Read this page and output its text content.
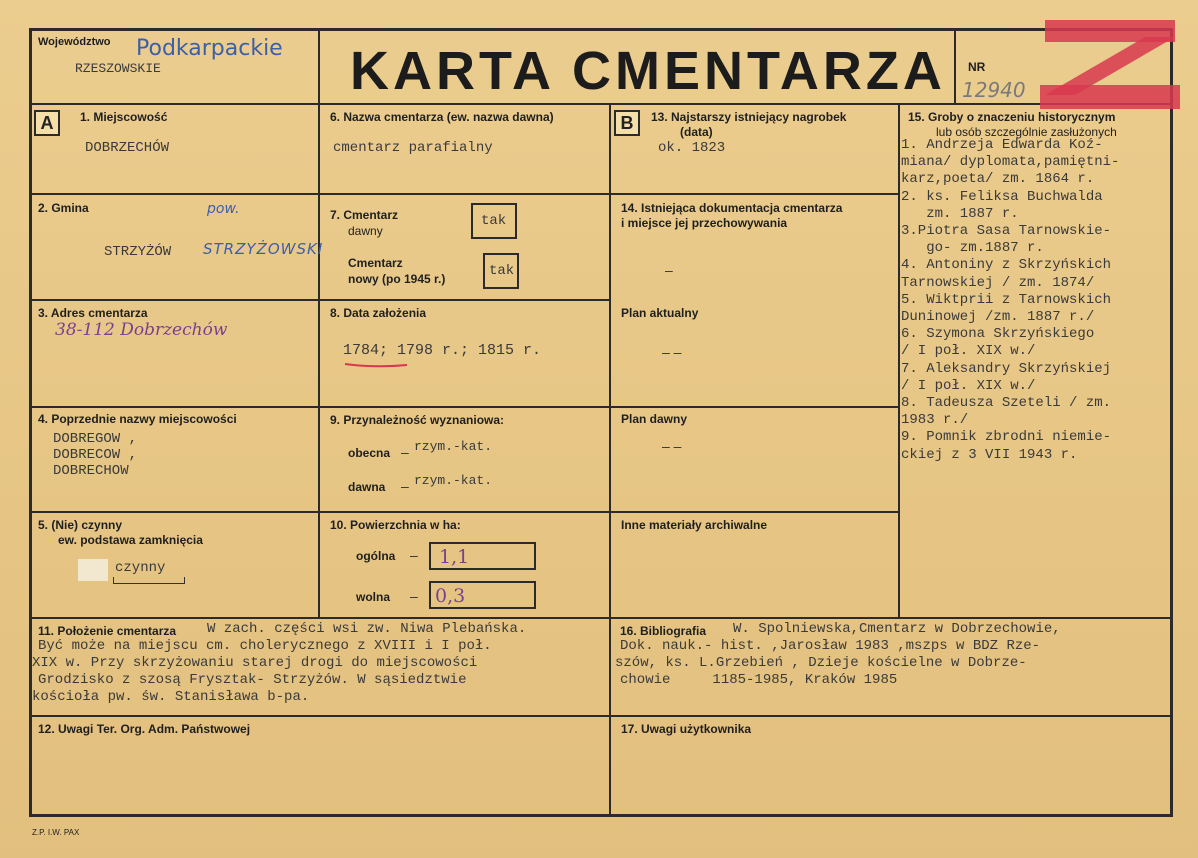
Województwo Podkarpackie
RZESZOWSKIE	KARTA CMENTARZA NR
12940
A	1. Miejscowość
DOBRZECHÓW
2. Gmina	pow.
STRZYŻÓW STRZYŻOWSKI
3. Adres cmentarza
38-112 Dobrzechów
4. Poprzednie nazwy miejscowości
DOBREGOW ,
DOBRECOW ,
DOBRECHOW
5. (Nie) czynny
ew. podstawa zamknięcia
czynny
6. Nazwa cmentarza (ew. nazwa dawna)
cmentarz parafialny
7. Cmentarz
dawny
tak
Cmentarz
nowy (po 1945 r.)	tak
8. Data założenia
1784; 1798 r.; 1815 r.
9. Przynależność wyznaniowa:
obecna – rzym.-kat.
dawna – rzym.-kat.
10. Powierzchnia w ha:
ogólna – 1,1
wolna – 0,3
B	13. Najstarszy istniejący nagrobek
(data)
ok. 1823
14. Istniejąca dokumentacja cmentarza
i miejsce jej przechowywania
–
Plan aktualny
– –
Plan dawny
– –
Inne materiały archiwalne
15. Groby o znaczeniu historycznym
lub osób szczególnie zasłużonych
1. Andrzeja Edwarda Koź-
miana/ dyplomata,pamiętni-
karz,poeta/ zm. 1864 r.
2. ks. Feliksa Buchwalda
zm. 1887 r.
3.Piotra Sasa Tarnowskie-
go- zm.1887 r.
4. Antoniny z Skrzyńskich
Tarnowskiej / zm. 1874/
5. Wiktprii z Tarnowskich
Duninowej /zm. 1887 r./
6. Szymona Skrzyńskiego
/ I poł. XIX w./
7. Aleksandry Skrzyńskiej
/ I poł. XIX w./
8. Tadeusza Szeteli / zm.
1983 r./
9. Pomnik zbrodni niemie-
ckiej z 3 VII 1943 r.
11. Położenie cmentarza W zach. części wsi zw. Niwa Plebańska.
Być może na miejscu cm. cholerycznego z XVIII i I poł.
XIX w. Przy skrzyżowaniu starej drogi do miejscowości
Grodzisko z szosą Frysztak- Strzyżów. W sąsiedztwie
kościoła pw. św. Stanisława b-pa.
16. Bibliografia W. Spolniewska,Cmentarz w Dobrzechowie,
Dok. nauk.- hist. ,Jarosław 1983 ,mszps w BDZ Rze-
szów, ks. L.Grzebień , Dzieje kościelne w Dobrze-
chowie     1185-1985, Kraków 1985
12. Uwagi Ter. Org. Adm. Państwowej	17. Uwagi użytkownika
Z.P. I.W. PAX
